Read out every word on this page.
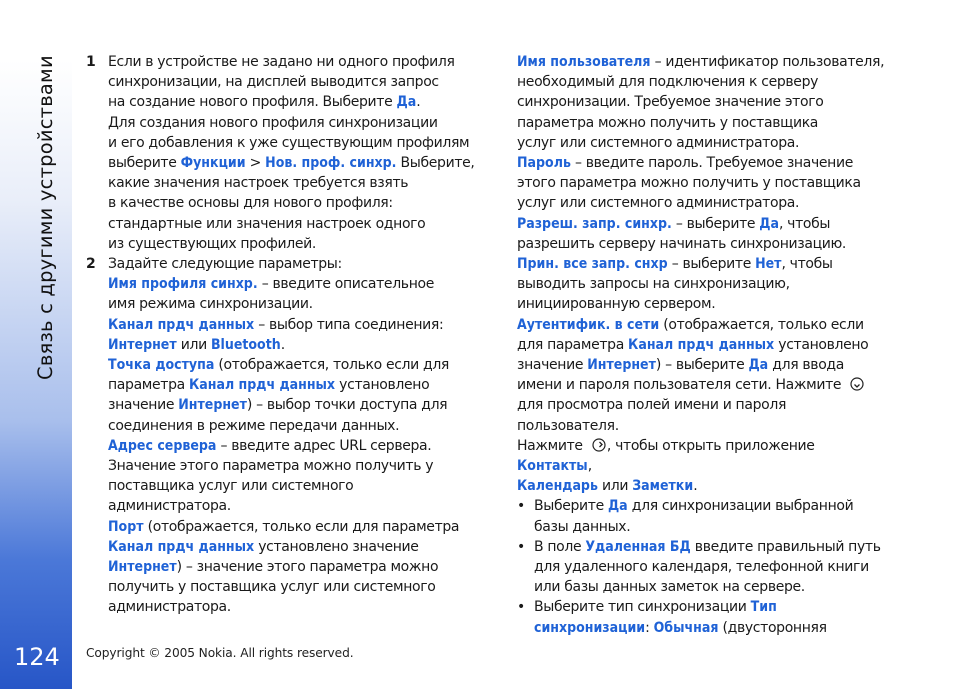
Связь с другими устройствами
124
1 Если в устройстве не задано ни одного профиля

синхронизации, на дисплей выводится запрос

на создание нового профиля. Выберите Да.

Для создания нового профиля синхронизации

и его добавления к уже существующим профилям

выберите Функции > Нов. проф. синхр. Выберите,

какие значения настроек требуется взять

в качестве основы для нового профиля:

стандартные или значения настроек одного

из существующих профилей.

2 Задайте следующие параметры:

Имя профиля синхр. – введите описательное

имя режима синхронизации.

Канал прдч данных – выбор типа соединения:

Интернет или Bluetooth.

Точка доступа (отображается, только если для

параметра Канал прдч данных установлено

значение Интернет) – выбор точки доступа для

соединения в режиме передачи данных.

Адрес сервера – введите адрес URL сервера.

Значение этого параметра можно получить у

поставщика услуг или системного администратора.

Порт (отображается, только если для параметра

Канал прдч данных установлено значение

Интернет) – значение этого параметра можно

получить у поставщика услуг или системного

администратора.

Имя пользователя – идентификатор пользователя,

необходимый для подключения к серверу

синхронизации. Требуемое значение этого

параметра можно получить у поставщика

услуг или системного администратора.

Пароль – введите пароль. Требуемое значение

этого параметра можно получить у поставщика

услуг или системного администратора.

Разреш. запр. синхр. – выберите Да, чтобы

разрешить серверу начинать синхронизацию.

Прин. все запр. снхр – выберите Нет, чтобы

выводить запросы на синхронизацию,

инициированную сервером.

Аутентифик. в сети (отображается, только если

для параметра Канал прдч данных установлено

значение Интернет) – выберите Да для ввода

имени и пароля пользователя сети. Нажмите

для просмотра полей имени и пароля

пользователя.

Нажмите , чтобы открыть приложение Контакты,

Календарь или Заметки.

• Выберите Да для синхронизации выбранной

базы данных.

• В поле Удаленная БД введите правильный путь

для удаленного календаря, телефонной книги

или базы данных заметок на сервере.

• Выберите тип синхронизации Тип

синхронизации: Обычная (двусторонняя

Copyright © 2005 Nokia. All rights reserved.
